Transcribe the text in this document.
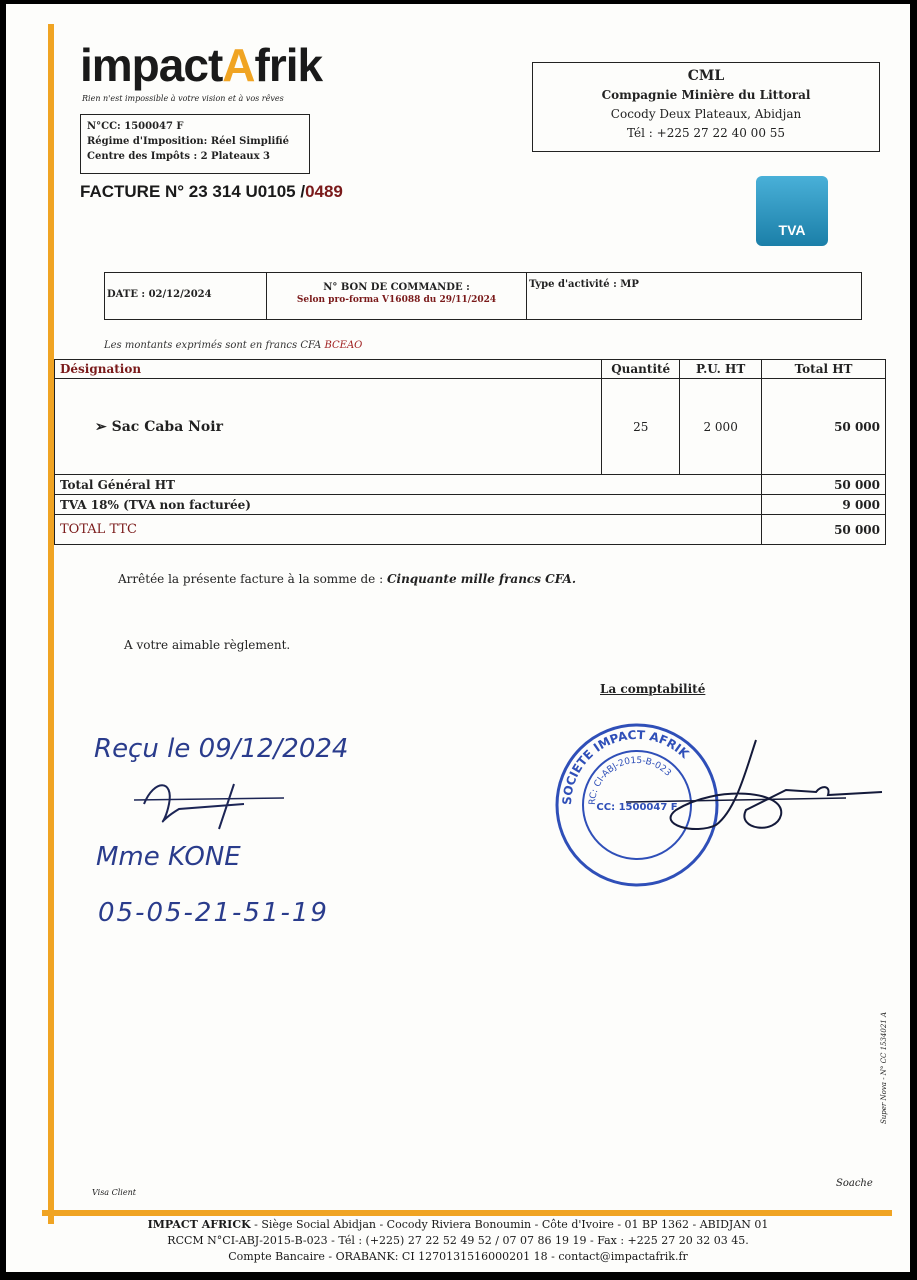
impactAfrik
Rien n'est impossible à votre vision et à vos rêves
N°CC: 1500047 F
Régime d'Imposition: Réel Simplifié
Centre des Impôts : 2 Plateaux 3
FACTURE N° 23 314 U0105 /0489
CML
Compagnie Minière du Littoral
Cocody Deux Plateaux, Abidjan
Tél : +225 27 22 40 00 55
TVA
DATE : 02/12/2024
N° BON DE COMMANDE :
Selon pro-forma V16088 du 29/11/2024
Type d'activité : MP
Les montants exprimés sont en francs CFA BCEAO
Désignation	Quantité	P.U. HT	Total HT
➢ Sac Caba Noir	25	2 000	50 000
Total Général HT			50 000
TVA 18% (TVA non facturée)			9 000
TOTAL TTC			50 000
Arrêtée la présente facture à la somme de : Cinquante mille francs CFA.
A votre aimable règlement.
La comptabilité
Reçu le 09/12/2024
Mme KONE
05-05-21-51-19
SOCIETE IMPACT AFRIK
RC: CI-ABJ-2015-B-023
CC: 1500047 F
Super Nova - N° CC 1534021 A
Visa Client
Soache
IMPACT AFRICK - Siège Social Abidjan - Cocody Riviera Bonoumin - Côte d'Ivoire - 01 BP 1362 - ABIDJAN 01
RCCM N°CI-ABJ-2015-B-023 - Tél : (+225) 27 22 52 49 52 / 07 07 86 19 19 - Fax : +225 27 20 32 03 45.
Compte Bancaire - ORABANK: CI 1270131516000201 18 - contact@impactafrik.fr
